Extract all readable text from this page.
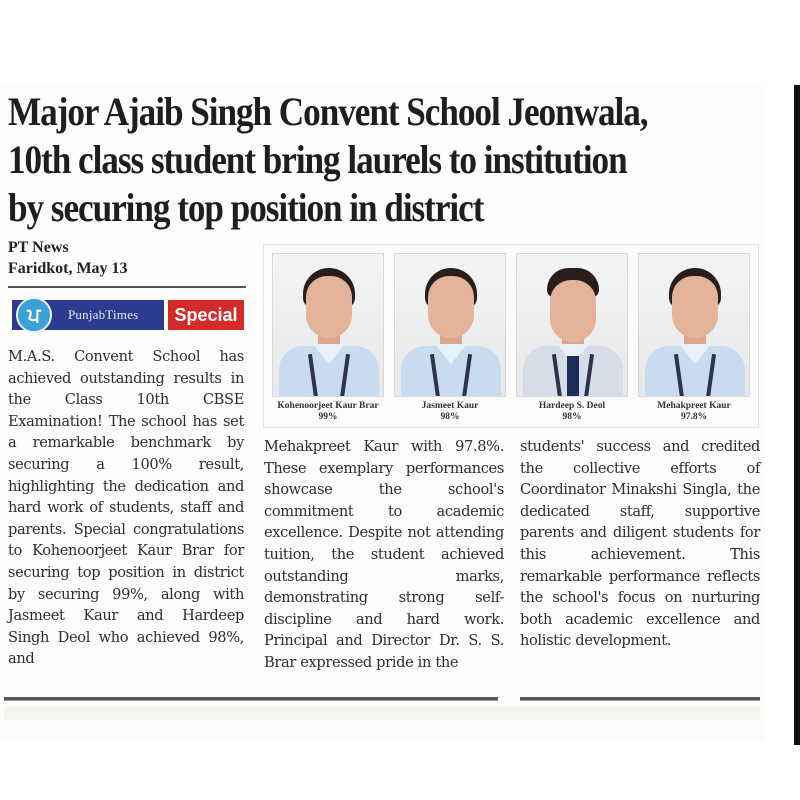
Major Ajaib Singh Convent School Jeonwala,
10th class student bring laurels to institution
by securing top position in district
PT News
Faridkot, May 13
ਪ	PunjabTimes	Special

M.A.S. Convent School has achieved outstanding results in the Class 10th CBSE Examination! The school has set a remarkable benchmark by securing a 100% result, highlighting the dedication and hard work of students, staff and parents. Special congratulations to Kohenoorjeet Kaur Brar for securing top position in district by securing 99%, along with Jasmeet Kaur and Hardeep Singh Deol who achieved 98%, and

Kohenoorjeet Kaur Brar
99%
Jasmeet Kaur
98%
Hardeep S. Deol
98%
Mehakpreet Kaur
97.8%

Mehakpreet Kaur with 97.8%. These exemplary performances showcase the school's commitment to academic excellence. Despite not attending tuition, the student achieved outstanding marks, demonstrating strong self-discipline and hard work. Principal and Director Dr. S. S. Brar expressed pride in the

students' success and credited the collective efforts of Coordinator Minakshi Singla, the dedicated staff, supportive parents and diligent students for this achievement. This remarkable performance reflects the school's focus on nurturing both academic excellence and holistic development.
